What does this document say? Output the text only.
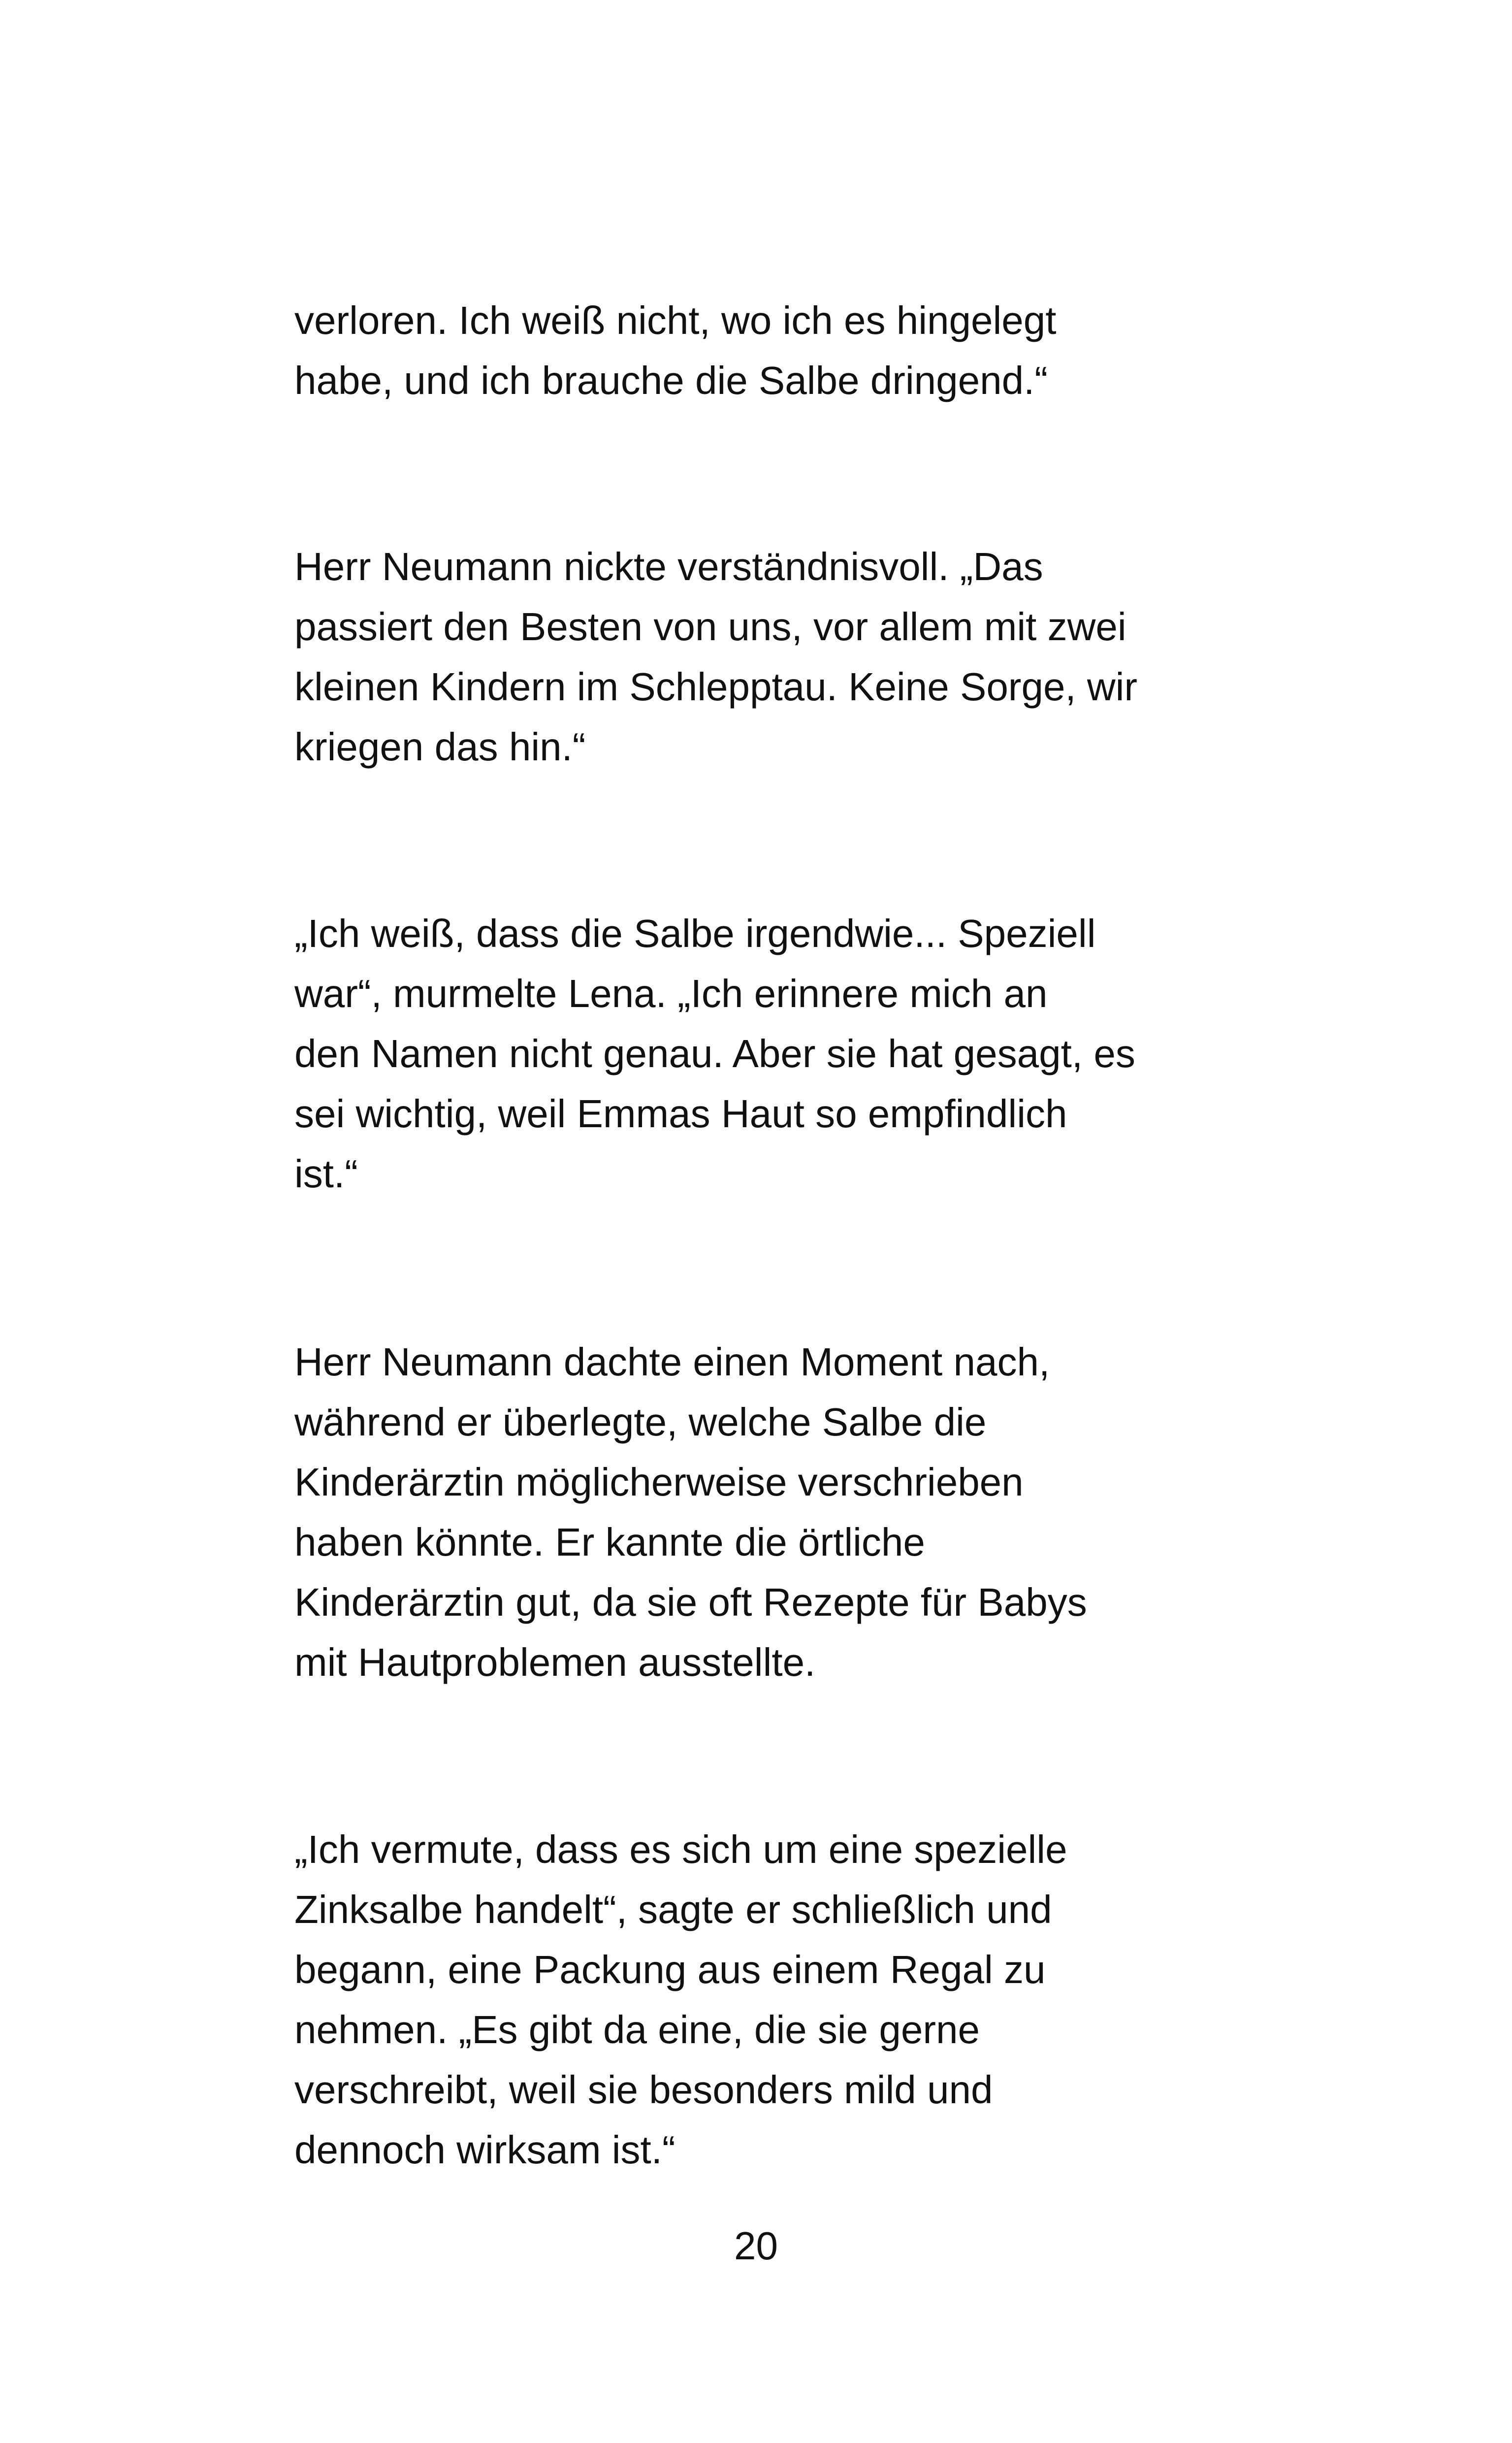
verloren. Ich weiß nicht, wo ich es hingelegt
habe, und ich brauche die Salbe dringend.“

Herr Neumann nickte verständnisvoll. „Das
passiert den Besten von uns, vor allem mit zwei
kleinen Kindern im Schlepptau. Keine Sorge, wir
kriegen das hin.“

„Ich weiß, dass die Salbe irgendwie... Speziell
war“, murmelte Lena. „Ich erinnere mich an
den Namen nicht genau. Aber sie hat gesagt, es
sei wichtig, weil Emmas Haut so empfindlich
ist.“

Herr Neumann dachte einen Moment nach,
während er überlegte, welche Salbe die
Kinderärztin möglicherweise verschrieben
haben könnte. Er kannte die örtliche
Kinderärztin gut, da sie oft Rezepte für Babys
mit Hautproblemen ausstellte.

„Ich vermute, dass es sich um eine spezielle
Zinksalbe handelt“, sagte er schließlich und
begann, eine Packung aus einem Regal zu
nehmen. „Es gibt da eine, die sie gerne
verschreibt, weil sie besonders mild und
dennoch wirksam ist.“

20
